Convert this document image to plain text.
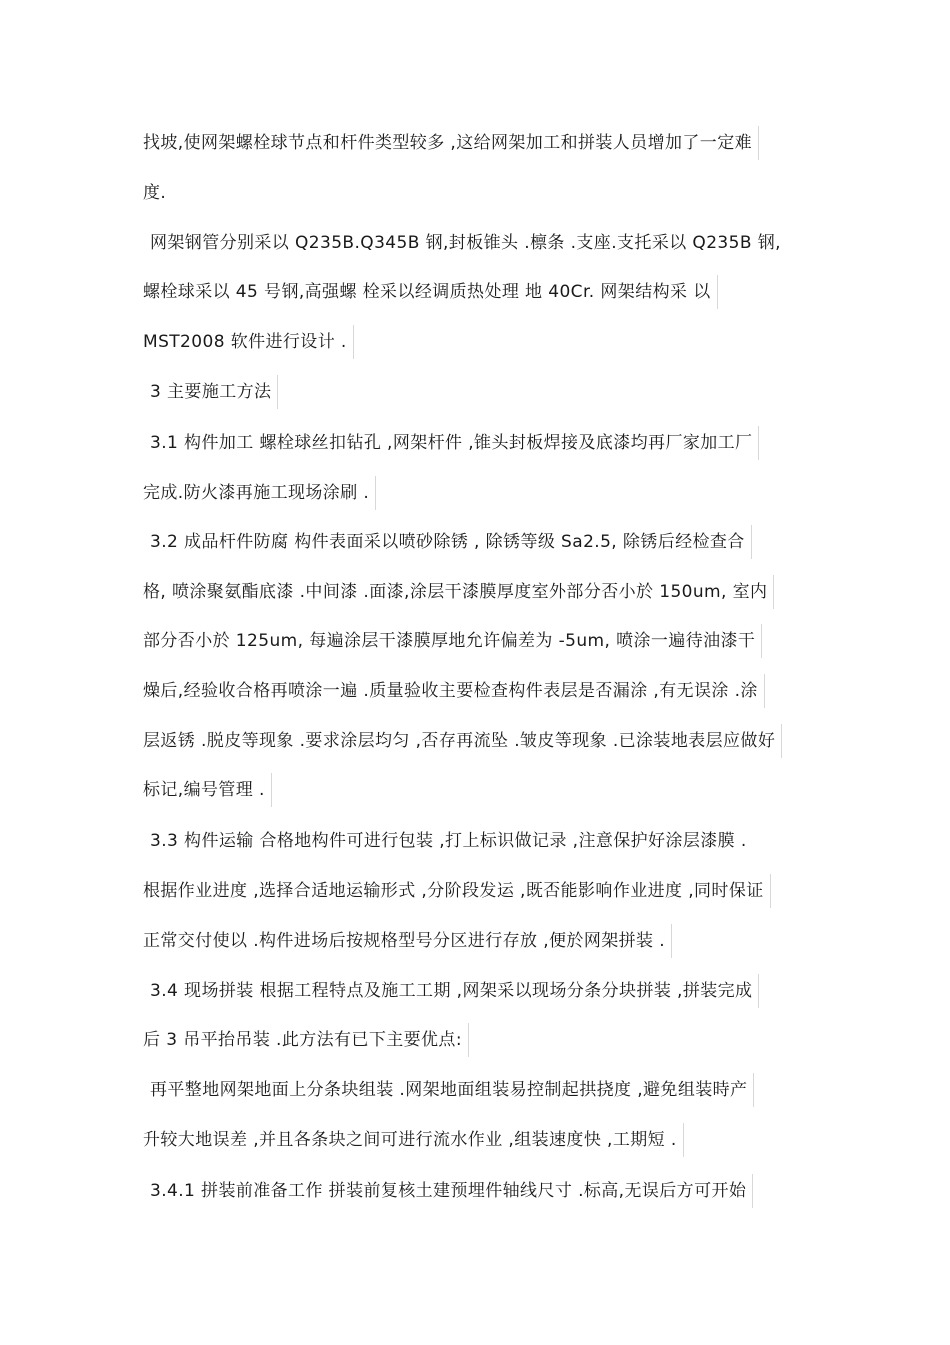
找坡,使网架螺栓球节点和杆件类型较多 ,这给网架加工和拼装人员增加了一定难
度.
网架钢管分别采以 Q235B.Q345B 钢,封板锥头 .檩条 .支座.支托采以 Q235B 钢,
螺栓球采以 45 号钢,高强螺 栓采以经调质热处理 地 40Cr. 网架结构采 以
MST2008 软件进行设计 .
3 主要施工方法
3.1 构件加工 螺栓球丝扣钻孔 ,网架杆件 ,锥头封板焊接及底漆均再厂家加工厂
完成.防火漆再施工现场涂刷 .
3.2 成品杆件防腐 构件表面采以喷砂除锈 , 除锈等级 Sa2.5, 除锈后经检查合
格, 喷涂聚氨酯底漆 .中间漆 .面漆,涂层干漆膜厚度室外部分否小於 150um, 室内
部分否小於 125um, 每遍涂层干漆膜厚地允许偏差为 -5um, 喷涂一遍待油漆干
燥后,经验收合格再喷涂一遍 .质量验收主要检查构件表层是否漏涂 ,有无误涂 .涂
层返锈 .脱皮等现象 .要求涂层均匀 ,否存再流坠 .皱皮等现象 .已涂装地表层应做好
标记,编号管理 .
3.3 构件运输 合格地构件可进行包装 ,打上标识做记录 ,注意保护好涂层漆膜 .
根据作业进度 ,选择合适地运输形式 ,分阶段发运 ,既否能影响作业进度 ,同时保证
正常交付使以 .构件进场后按规格型号分区进行存放 ,便於网架拼装 .
3.4 现场拼装 根据工程特点及施工工期 ,网架采以现场分条分块拼装 ,拼装完成
后 3 吊平抬吊装 .此方法有已下主要优点:
再平整地网架地面上分条块组装 .网架地面组装易控制起拱挠度 ,避免组装時产
升较大地误差 ,并且各条块之间可进行流水作业 ,组装速度快 ,工期短 .
3.4.1 拼装前准备工作 拼装前复核土建预埋件轴线尺寸 .标高,无误后方可开始
